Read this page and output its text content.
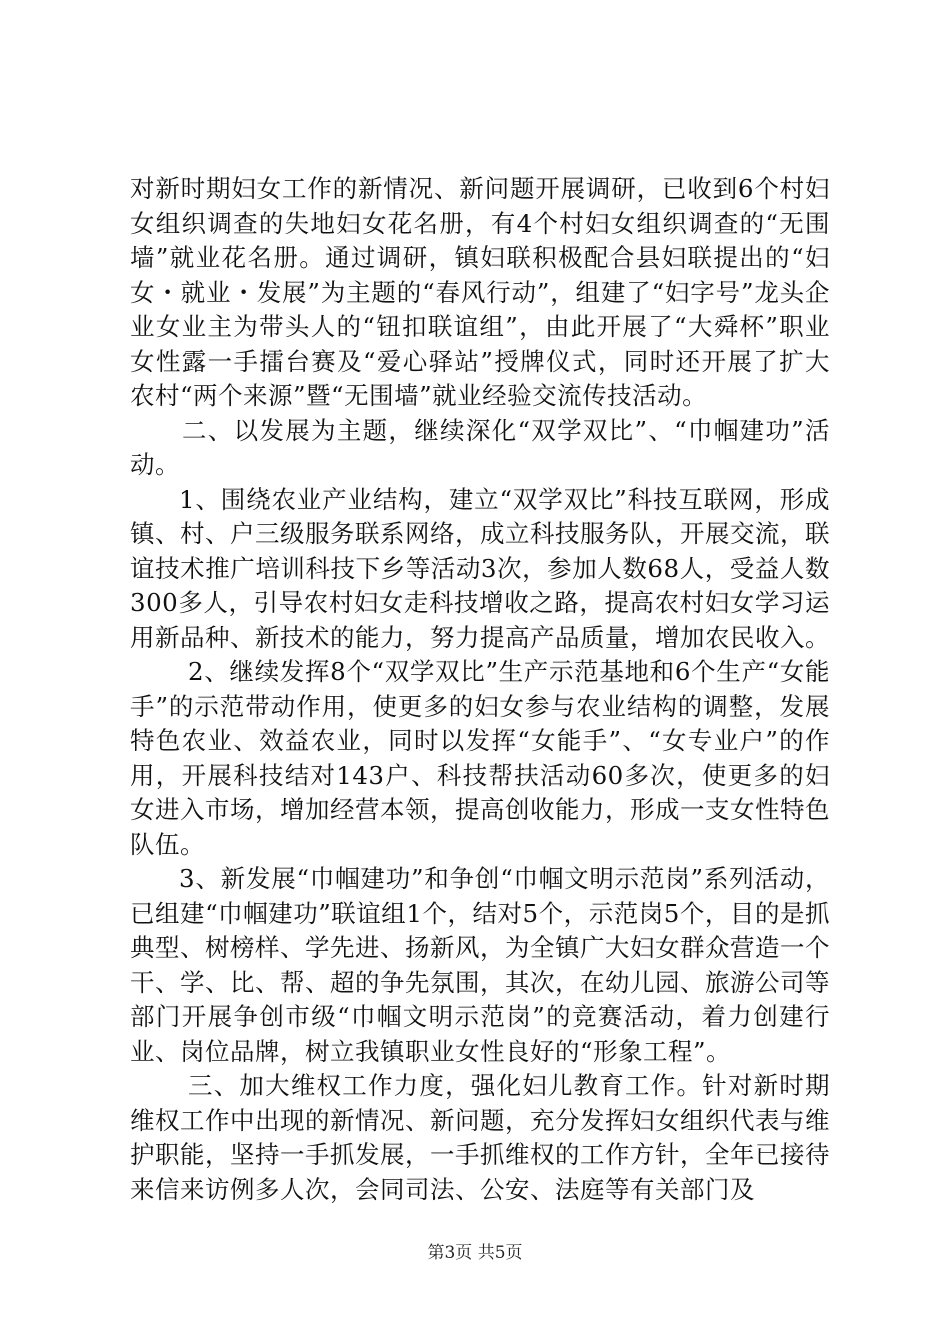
对新时期妇女工作的新情况、新问题开展调研，已收到6个村妇女组织调查的失地妇女花名册，有4个村妇女组织调查的“无围墙”就业花名册。通过调研，镇妇联积极配合县妇联提出的“妇女・就业・发展”为主题的“春风行动”，组建了“妇字号”龙头企业女业主为带头人的“钮扣联谊组”，由此开展了“大舜杯”职业女性露一手擂台赛及“爱心驿站”授牌仪式，同时还开展了扩大农村“两个来源”暨“无围墙”就业经验交流传技活动。

二、以发展为主题，继续深化“双学双比”、“巾帼建功”活动。

1、围绕农业产业结构，建立“双学双比”科技互联网，形成镇、村、户三级服务联系网络，成立科技服务队，开展交流，联谊技术推广培训科技下乡等活动3次，参加人数68人，受益人数300多人，引导农村妇女走科技增收之路，提高农村妇女学习运用新品种、新技术的能力，努力提高产品质量，增加农民收入。

2、继续发挥8个“双学双比”生产示范基地和6个生产“女能手”的示范带动作用，使更多的妇女参与农业结构的调整，发展特色农业、效益农业，同时以发挥“女能手”、“女专业户”的作用，开展科技结对143户、科技帮扶活动60多次，使更多的妇女进入市场，增加经营本领，提高创收能力，形成一支女性特色队伍。

3、新发展“巾帼建功”和争创“巾帼文明示范岗”系列活动，已组建“巾帼建功”联谊组1个，结对5个，示范岗5个，目的是抓典型、树榜样、学先进、扬新风，为全镇广大妇女群众营造一个干、学、比、帮、超的争先氛围，其次，在幼儿园、旅游公司等部门开展争创市级“巾帼文明示范岗”的竞赛活动，着力创建行业、岗位品牌，树立我镇职业女性良好的“形象工程”。

三、加大维权工作力度，强化妇儿教育工作。针对新时期维权工作中出现的新情况、新问题，充分发挥妇女组织代表与维护职能，坚持一手抓发展，一手抓维权的工作方针，全年已接待来信来访例多人次，会同司法、公安、法庭等有关部门及

第3页 共5页
